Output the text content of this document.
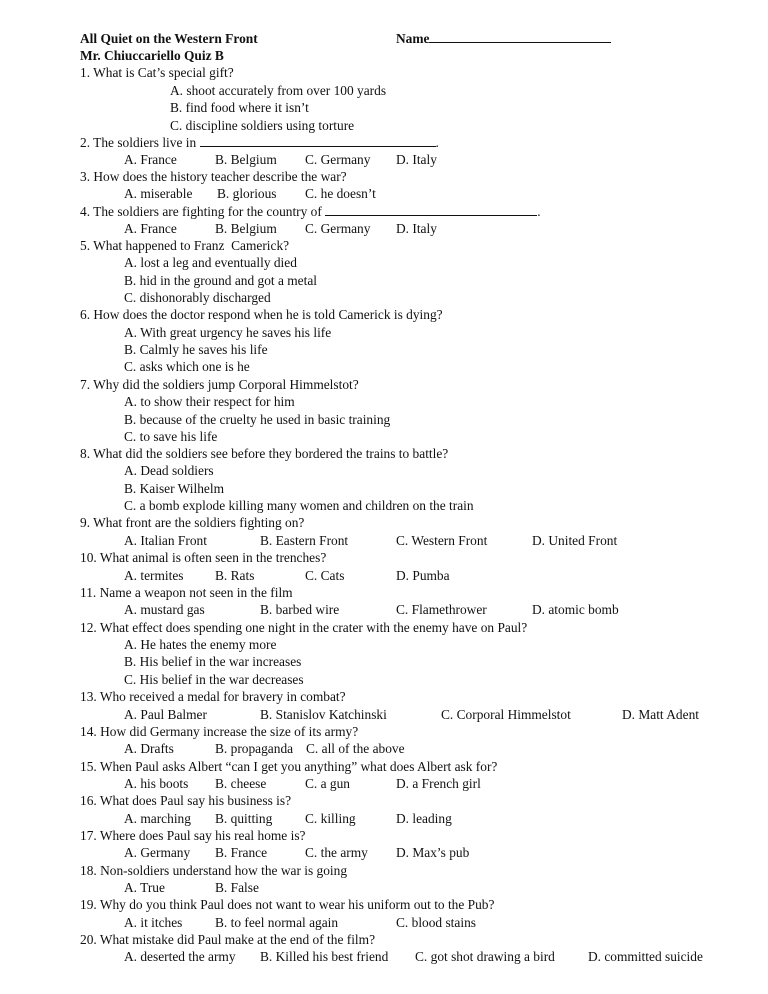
All Quiet on the Western Front	Name
Mr. Chiuccariello Quiz B
1. What is Cat’s special gift?
A. shoot accurately from over 100 yards
B. find food where it isn’t
C. discipline soldiers using torture
2. The soldiers live in	.
A. France	B. Belgium C. Germany D. Italy
3. How does the history teacher describe the war?
A. miserable B. glorious C. he doesn’t
4. The soldiers are fighting for the country of	.
A. France	B. Belgium C. Germany D. Italy
5. What happened to Franz  Camerick?
A. lost a leg and eventually died
B. hid in the ground and got a metal
C. dishonorably discharged
6. How does the doctor respond when he is told Camerick is dying?
A. With great urgency he saves his life
B. Calmly he saves his life
C. asks which one is he
7. Why did the soldiers jump Corporal Himmelstot?
A. to show their respect for him
B. because of the cruelty he used in basic training
C. to save his life
8. What did the soldiers see before they bordered the trains to battle?
A. Dead soldiers
B. Kaiser Wilhelm
C. a bomb explode killing many women and children on the train
9. What front are the soldiers fighting on?
A. Italian Front	B. Eastern Front	C. Western Front	D. United Front
10. What animal is often seen in the trenches?
A. termites B. Rats	C. Cats	D. Pumba
11. Name a weapon not seen in the film
A. mustard gas	B. barbed wire	C. Flamethrower	D. atomic bomb
12. What effect does spending one night in the crater with the enemy have on Paul?
A. He hates the enemy more
B. His belief in the war increases
C. His belief in the war decreases
13. Who received a medal for bravery in combat?
A. Paul Balmer	B. Stanislov Katchinski	C. Corporal Himmelstot	D. Matt Adent
14. How did Germany increase the size of its army?
A. Drafts	B. propaganda C. all of the above
15. When Paul asks Albert “can I get you anything” what does Albert ask for?
A. his boots B. cheese	C. a gun	D. a French girl
16. What does Paul say his business is?
A. marching B. quitting C. killing	D. leading
17. Where does Paul say his real home is?
A. Germany B. France	C. the army D. Max’s pub
18. Non-soldiers understand how the war is going
A. True	B. False
19. Why do you think Paul does not want to wear his uniform out to the Pub?
A. it itches B. to feel normal again	C. blood stains
20. What mistake did Paul make at the end of the film?
A. deserted the army B. Killed his best friend C. got shot drawing a bird D. committed suicide
